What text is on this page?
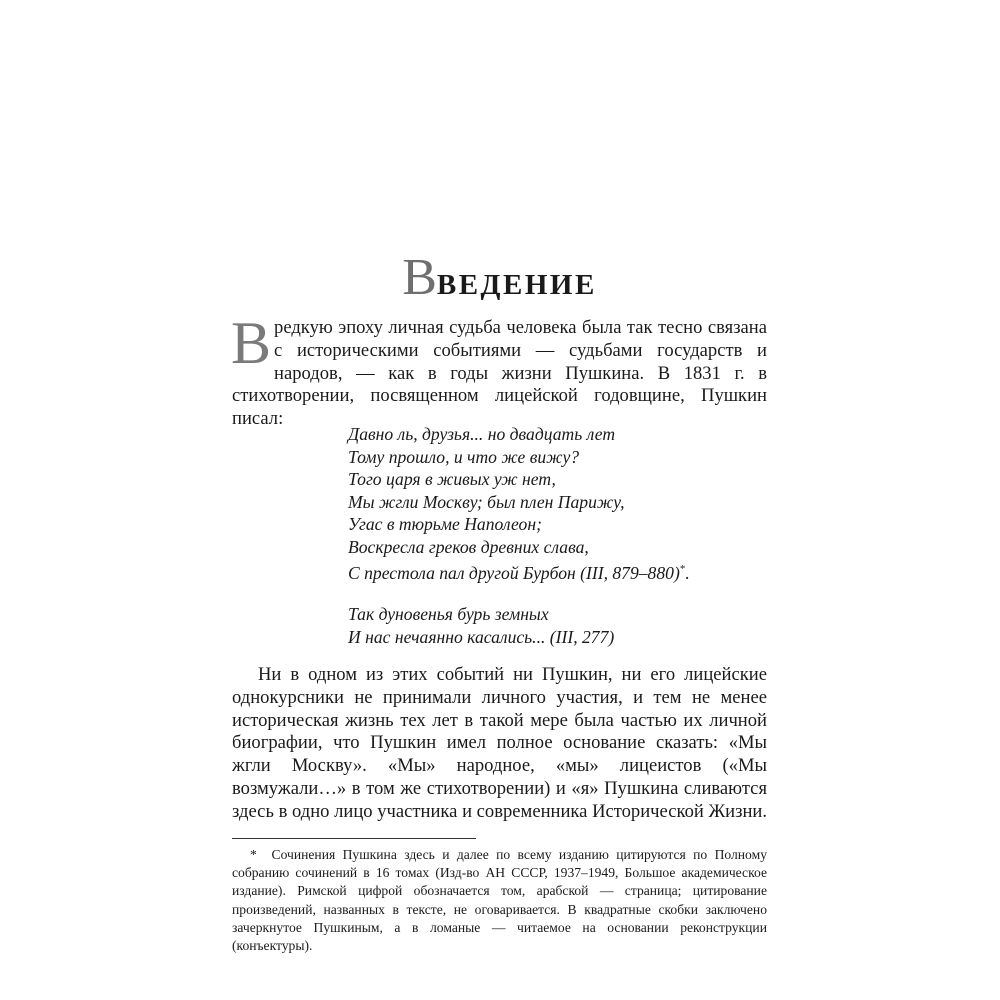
Введение

Вредкую эпоху личная судьба человека была так тесно связана с историческими событиями — судьбами государств и народов, — как в годы жизни Пушкина. В 1831 г. в стихотворении, посвященном лицейской годовщине, Пушкин писал:

Давно ль, друзья... но двадцать лет
Тому прошло, и что же вижу?
Того царя в живых уж нет,
Мы жгли Москву; был плен Парижу,
Угас в тюрьме Наполеон;
Воскресла греков древних слава,
С престола пал другой Бурбон (III, 879–880)*.
Так дуновенья бурь земных
И нас нечаянно касались... (III, 277)

Ни в одном из этих событий ни Пушкин, ни его лицейские однокурсники не принимали личного участия, и тем не менее историческая жизнь тех лет в такой мере была частью их личной биографии, что Пушкин имел полное основание сказать: «Мы жгли Москву». «Мы» народное, «мы» лицеистов («Мы возмужали…» в том же стихотворении) и «я» Пушкина сливаются здесь в одно лицо участника и современника Исторической Жизни.

* Сочинения Пушкина здесь и далее по всему изданию цитируются по Полному собранию сочинений в 16 томах (Изд-во АН СССР, 1937–1949, Большое академическое издание). Римской цифрой обозначается том, арабской — страница; цитирование произведений, названных в тексте, не оговаривается. В квадратные скобки заключено зачеркнутое Пушкиным, а в ломаные — читаемое на основании реконструкции (конъектуры).
